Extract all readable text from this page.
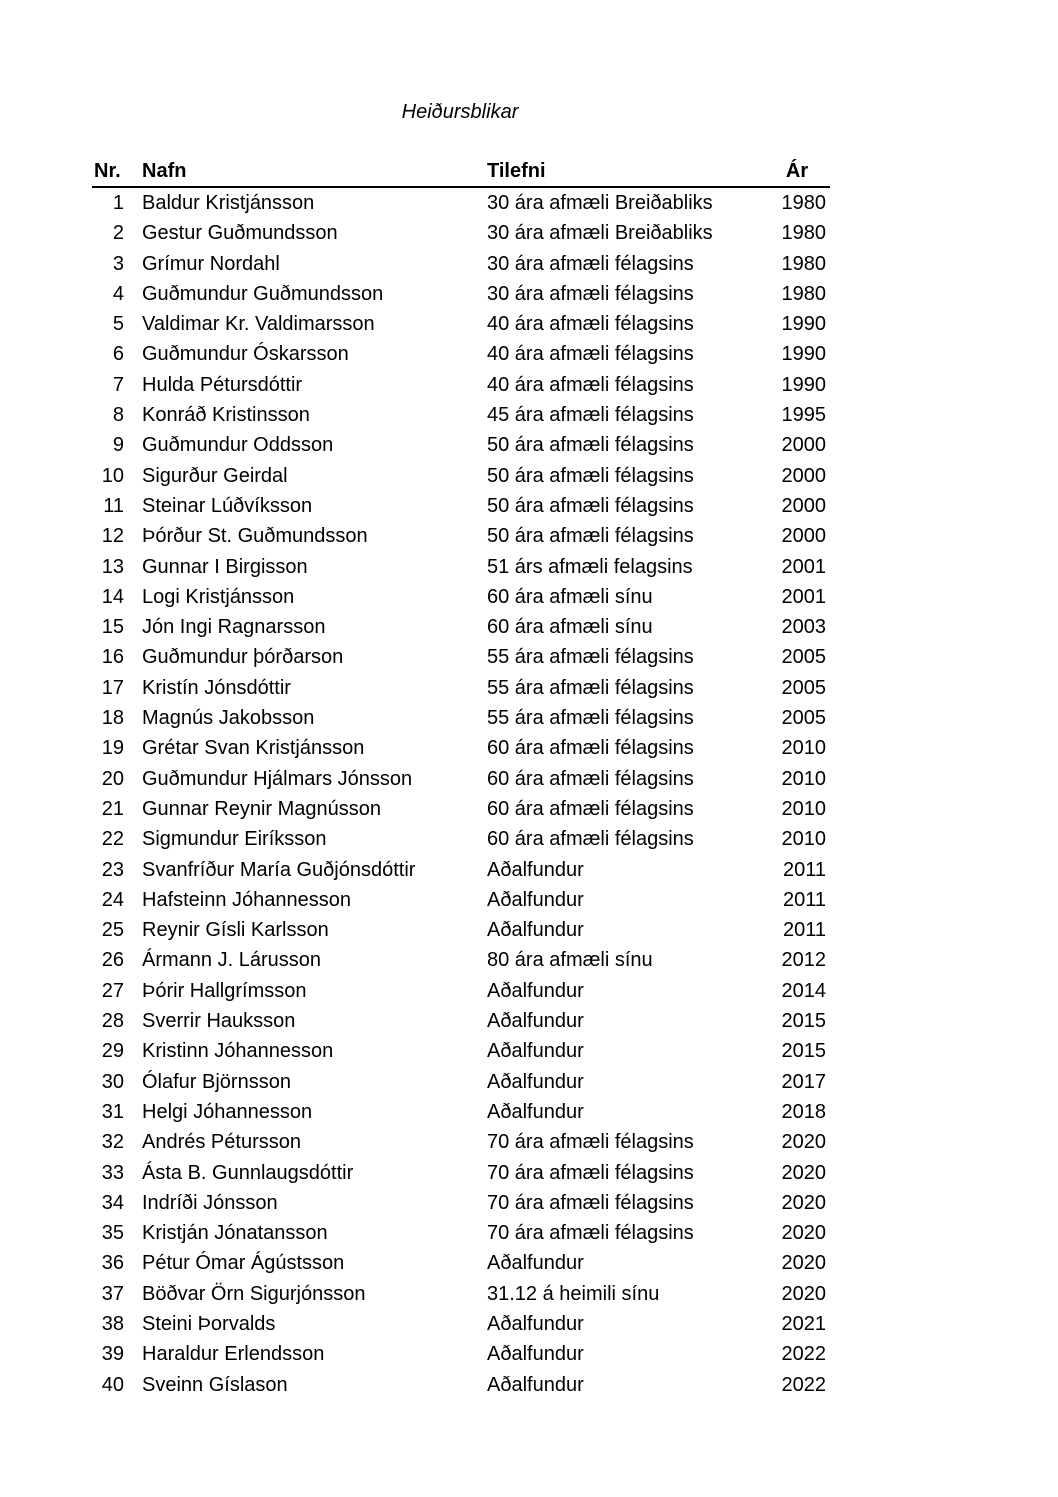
Heiðursblikar
Nr. Nafn	Tilefni	Ár
1 Baldur Kristjánsson	30 ára afmæli Breiðabliks	1980
2 Gestur Guðmundsson	30 ára afmæli Breiðabliks	1980
3 Grímur Nordahl	30 ára afmæli félagsins	1980
4 Guðmundur Guðmundsson	30 ára afmæli félagsins	1980
5 Valdimar Kr. Valdimarsson	40 ára afmæli félagsins	1990
6 Guðmundur Óskarsson	40 ára afmæli félagsins	1990
7 Hulda Pétursdóttir	40 ára afmæli félagsins	1990
8 Konráð Kristinsson	45 ára afmæli félagsins	1995
9 Guðmundur Oddsson	50 ára afmæli félagsins	2000
10 Sigurður Geirdal	50 ára afmæli félagsins	2000
11 Steinar Lúðvíksson	50 ára afmæli félagsins	2000
12 Þórður St. Guðmundsson	50 ára afmæli félagsins	2000
13 Gunnar I Birgisson	51 árs afmæli felagsins	2001
14 Logi Kristjánsson	60 ára afmæli sínu	2001
15 Jón Ingi Ragnarsson	60 ára afmæli sínu	2003
16 Guðmundur þórðarson	55 ára afmæli félagsins	2005
17 Kristín Jónsdóttir	55 ára afmæli félagsins	2005
18 Magnús Jakobsson	55 ára afmæli félagsins	2005
19 Grétar Svan Kristjánsson	60 ára afmæli félagsins	2010
20 Guðmundur Hjálmars Jónsson	60 ára afmæli félagsins	2010
21 Gunnar Reynir Magnússon	60 ára afmæli félagsins	2010
22 Sigmundur Eiríksson	60 ára afmæli félagsins	2010
23 Svanfríður María Guðjónsdóttir	Aðalfundur	2011
24 Hafsteinn Jóhannesson	Aðalfundur	2011
25 Reynir Gísli Karlsson	Aðalfundur	2011
26 Ármann J. Lárusson	80 ára afmæli sínu	2012
27 Þórir Hallgrímsson	Aðalfundur	2014
28 Sverrir Hauksson	Aðalfundur	2015
29 Kristinn Jóhannesson	Aðalfundur	2015
30 Ólafur Björnsson	Aðalfundur	2017
31 Helgi Jóhannesson	Aðalfundur	2018
32 Andrés Pétursson	70 ára afmæli félagsins	2020
33 Ásta B. Gunnlaugsdóttir	70 ára afmæli félagsins	2020
34 Indríði Jónsson	70 ára afmæli félagsins	2020
35 Kristján Jónatansson	70 ára afmæli félagsins	2020
36 Pétur Ómar Ágústsson	Aðalfundur	2020
37 Böðvar Örn Sigurjónsson	31.12 á heimili sínu	2020
38 Steini Þorvalds	Aðalfundur	2021
39 Haraldur Erlendsson	Aðalfundur	2022
40 Sveinn Gíslason	Aðalfundur	2022
